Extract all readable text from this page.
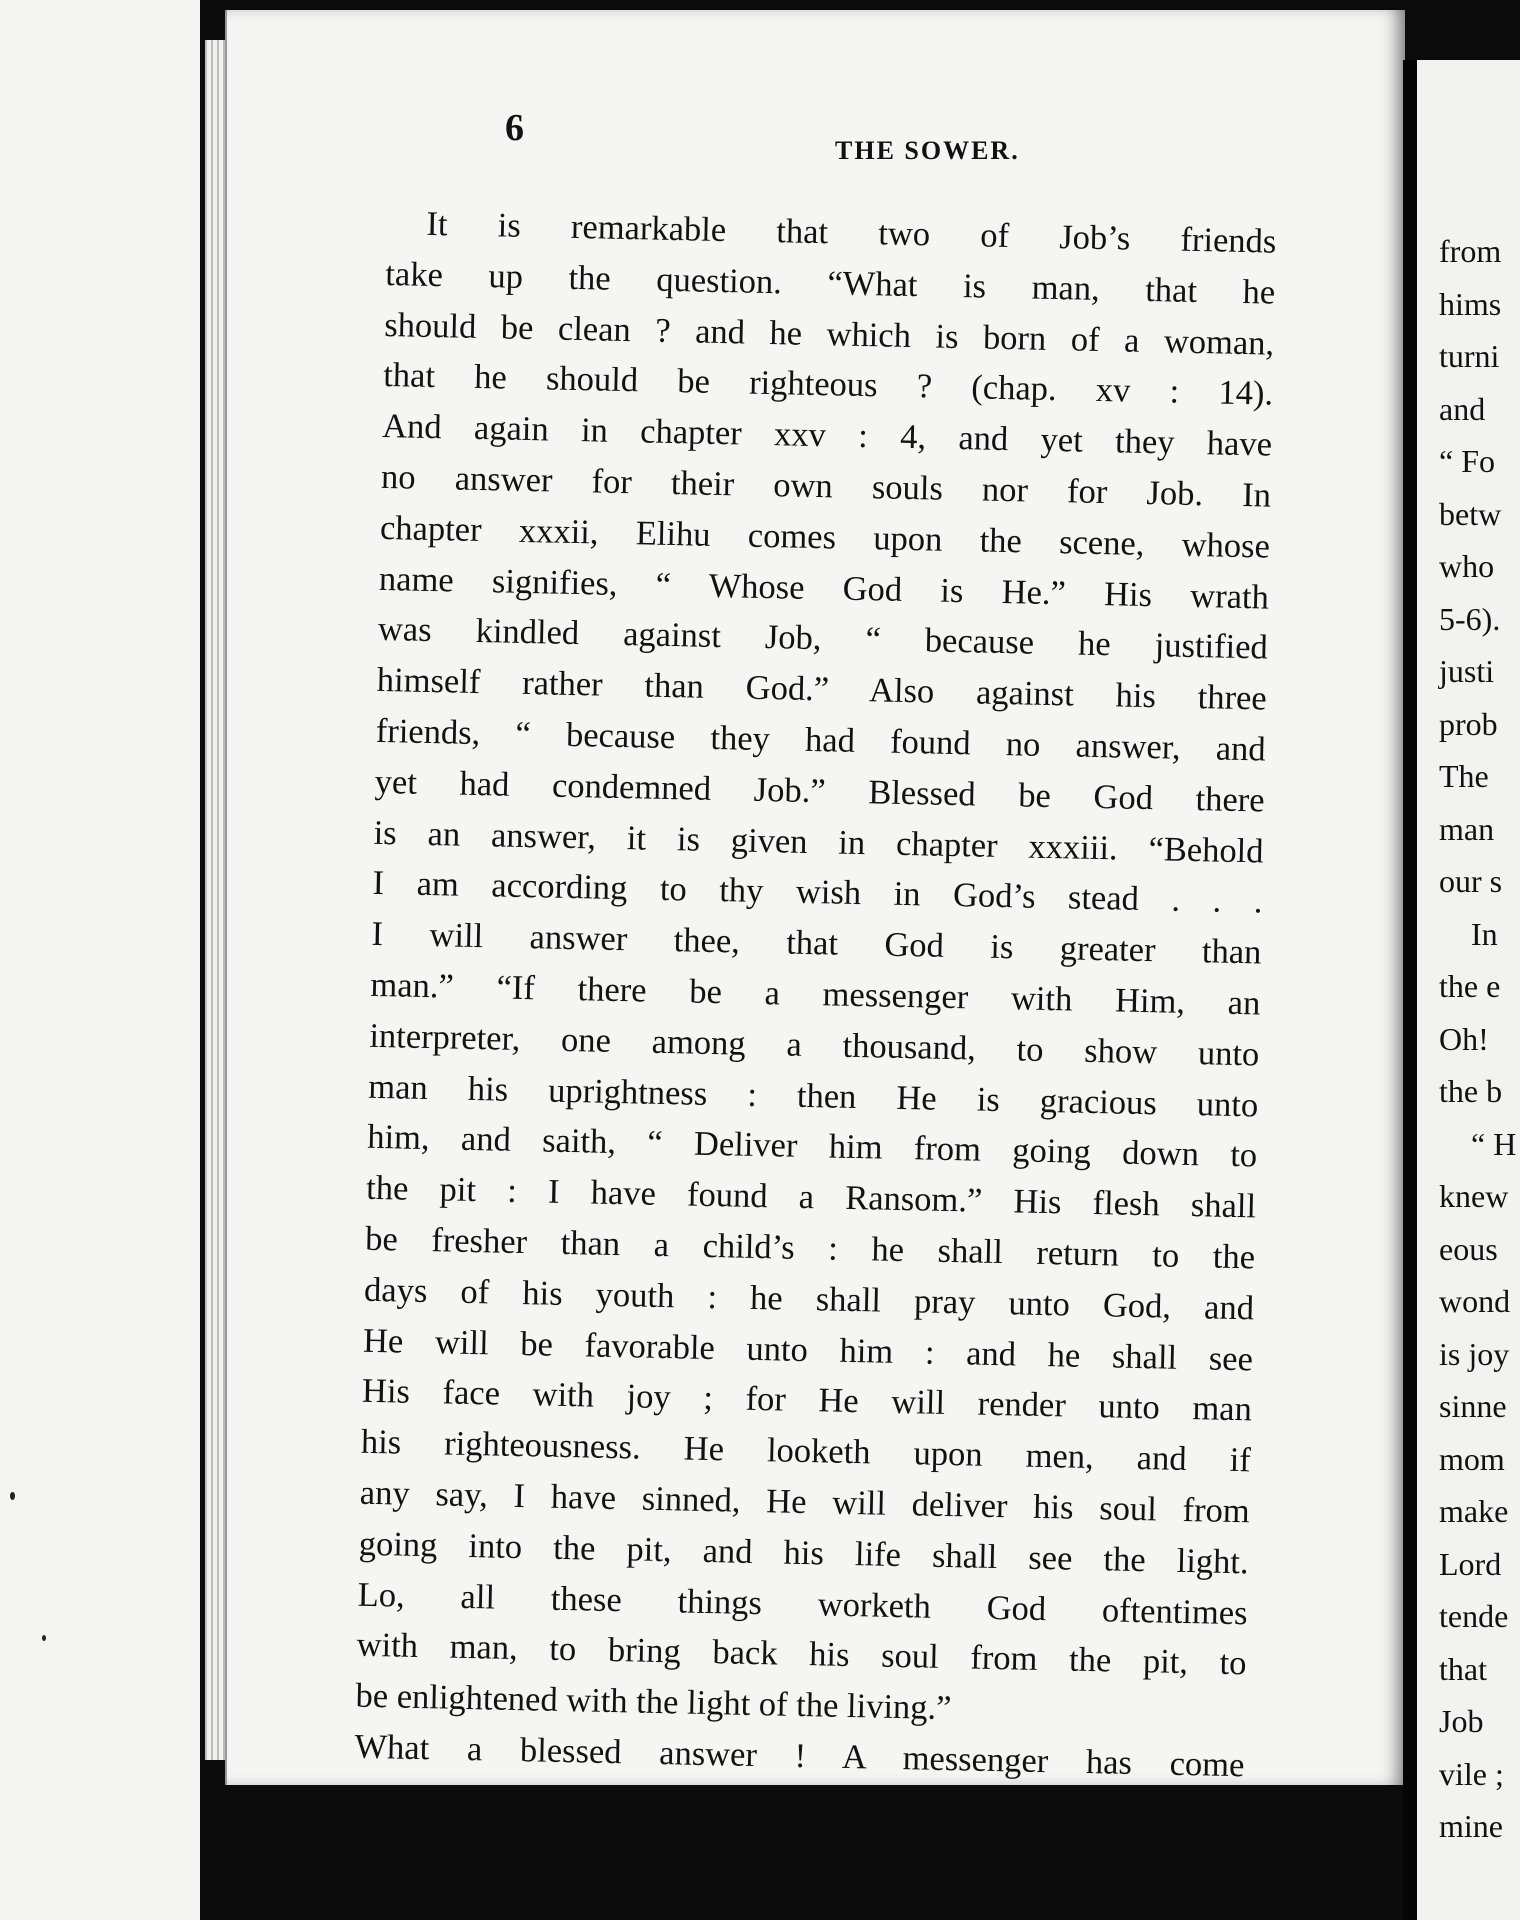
6
THE SOWER.
It is remarkable that two of Job’s friends
take up the question. “What is man, that he
should be clean ? and he which is born of a woman,
that he should be righteous ? (chap. xv : 14).
And again in chapter xxv : 4, and yet they have
no answer for their own souls nor for Job. In
chapter xxxii, Elihu comes upon the scene, whose
name signifies, “ Whose God is He.” His wrath
was kindled against Job, “ because he justified
himself rather than God.” Also against his three
friends, “ because they had found no answer, and
yet had condemned Job.” Blessed be God there
is an answer, it is given in chapter xxxiii. “Behold
I am according to thy wish in God’s stead . . .
I will answer thee, that God is greater than
man.” “If there be a messenger with Him, an
interpreter, one among a thousand, to show unto
man his uprightness : then He is gracious unto
him, and saith, “ Deliver him from going down to
the pit : I have found a Ransom.” His flesh shall
be fresher than a child’s : he shall return to the
days of his youth : he shall pray unto God, and
He will be favorable unto him : and he shall see
His face with joy ; for He will render unto man
his righteousness. He looketh upon men, and if
any say, I have sinned, He will deliver his soul from
going into the pit, and his life shall see the light.
Lo, all these things worketh God oftentimes
with man, to bring back his soul from the pit, to
be enlightened with the light of the living.”
What a blessed answer ! A messenger has come
from
hims
turni
and
“ Fo
betw
who
5-6).
justi
prob
The
man
our s
In
the e
Oh!
the b
“ H
knew
eous
wond
is joy
sinne
mom
make
Lord
tende
that
Job
vile ;
mine
